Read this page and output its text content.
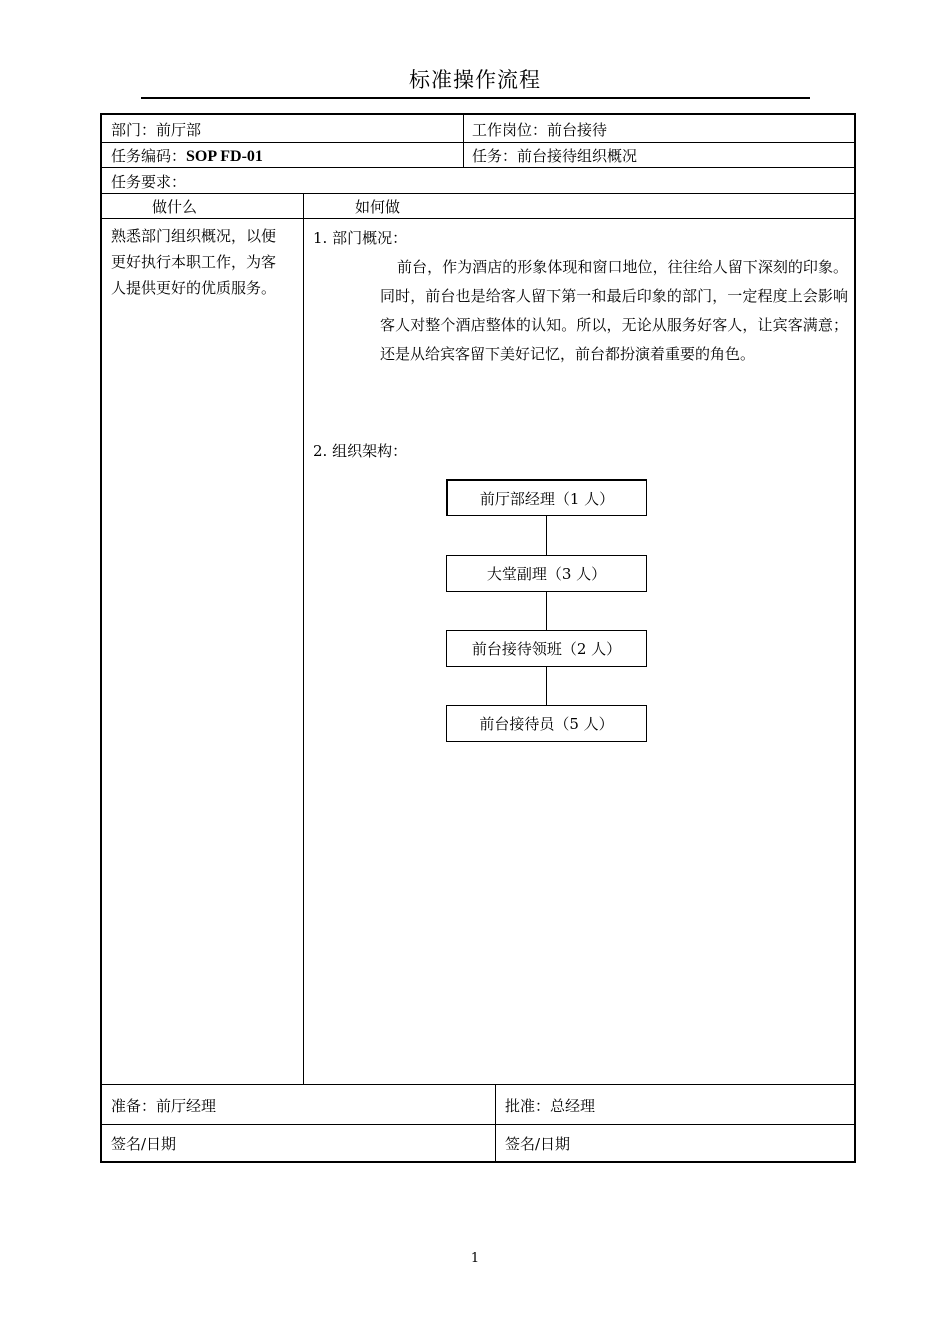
标准操作流程
部门：前厅部	工作岗位：前台接待
任务编码：SOP FD-01	任务：前台接待组织概况
任务要求：
做什么	如何做
熟悉部门组织概况，以便
更好执行本职工作，为客
人提供更好的优质服务。
1. 部门概况：
前台，作为酒店的形象体现和窗口地位，往往给人留下深刻的印象。同时，前台也是给客人留下第一和最后印象的部门，一定程度上会影响客人对整个酒店整体的认知。所以，无论从服务好客人，让宾客满意；还是从给宾客留下美好记忆，前台都扮演着重要的角色。
2. 组织架构：
前厅部经理（1 人）
大堂副理（3 人）
前台接待领班（2 人）
前台接待员（5 人）
准备：前厅经理	批准：总经理
签名/日期	签名/日期
1
